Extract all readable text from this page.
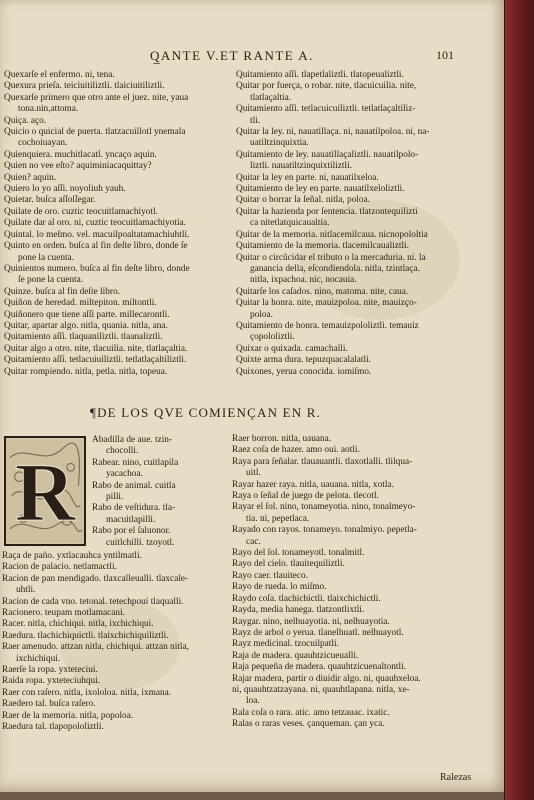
Q̲ANTE V.ET RANTE A.	101
Quexarſe el enfermo. ni, tena.
Quexura prieſa. teiciuitiliztli. tlaiciuitiliztli.
Quexarſe primero que otro ante el juez. nite, yaua
tona.nin,attoma.
Quiça. aço.
Quicio o quicial de puerta. tlatzacuillotl ynemala
cochoiuayan.
Quienquiera. muchitlacatl. yncaço aquin.
Quien no vee eſto? aquiminiacaquittay?
Quien? aquin.
Quiero lo yo aſſi. noyoliuh yauh.
Quietar. buſca aſſoſſegar.
Quilate de oro. cuztic teocuitlamachiyotl.
Quilate dar al oro. ni, cuztic teocuitlamachiyotia.
Quintal. lo meſmo. vel. macuilpoaltatamachiuhtli.
Quinto en orden. buſca al fin deſte libro, donde ſe
pone la cuenta.
Quinientos numero. buſca al fin deſte libro, donde
ſe pone la cuenta.
Quinze. buſca al fin deſte libro.
Quiñon de heredad. miltepiton. miltontli.
Quiñonero que tiene aſſi parte. millecarontli.
Quitar, apartar algo. nitla, quania. nitla, ana.
Quitamiento aſſi. tlaquaniliztli. tlaanaliztli.
Quitar algo a otro. nite, tlacuilia. nite, tlatlaçaltia.
Quitamiento aſſi. tetlacuiuiliztli. tetlatlaçaltiliztli.
Quitar rompiendo. nitla, petla. nitla, topeua.
Quitamiento aſſi. tlapetlaliztli. tlatopeualiztli.
Quitar por fuerça, o robar. nite, tlacuicuilia. nite,
tlatlaçaltia.
Quitamiento aſſi. tetlacuicuiliztli. tetlatlaçaltiliz-
tli.
Quitar la ley. ni, nauatillaça. ni, nauatilpoloa. ni, na-
uatiltzinquixtia.
Quitamiento de ley. nauatillaçaliztli. nauatilpolo-
liztli. nauatiltzinquixtiliztli.
Quitar la ley en parte. ni, nauatilxeloa.
Quitamiento de ley en parte. nauatilxeloliztli.
Quitar o borrar la ſeñal. nitla, poloa.
Quitar la hazienda por ſentencia. tlatzontequilizti
ca nitetlatquicaualtia.
Quitar de la memoria. nitlacemilcaua. nicnopololtia
Quitamiento de la memoria. tlacemilcaualiztli.
Quitar o circũcidar el tributo o la mercaduria. ni. la
ganancia della, eſcondiendola. nitla, tzintlaça.
nitla, ixpachoa. nic, nocauia.
Quitarſe los caſados. nino, matoma. nite, caua.
Quitar la honra. nite, mauizpoloa. nite, mauizço-
poloa.
Quitamiento de honra. temauizpololiztli. temauiz
çopololiztli.
Quixar o quixada. camachalli.
Quixte arma dura. tepuzquacalalatli.
Quixones, yerua conocida. iomiſmo.
¶DE LOS QVE COMIENÇAN EN R.
R
Abadilla de aue. tzin-
chocolli.
Rabear. nino, cuitlapila
yacachoa.
Rabo de animal. cuitla
pilli.
Rabo de veſtidura. tla-
macuitlapilli.
Rabo por el ſaluonor.
cuitlchilli. tzoyotl.
Raça de paño. yxtlacauhca yntilmatli.
Racion de palacio. netlamactli.
Racion de pan mendigado. tlaxcalleualli. tlaxcale-
uhtli.
Racion de cada vno. tetonal. tetechpoui tlaqualli.
Racionero. teupam motlamacani.
Racer. nitla, chichiqui. nitla, ixchichiqui.
Raedura. tlachichiquictli. tlaixchichiquiliztli.
Raer amenudo. attzan nitla, chichiqui. attzan nitla,
ixchichiqui.
Raerſe la ropa. yxteteciui.
Raida ropa. yxteteciuhqui.
Raer con raſero. nitla, ixololoa. nitla, ixmana.
Raedero tal. buſca raſero.
Raer de la memoria. nitla, popoloa.
Raedura tal. tlapopololiztli.
Raer borron. nitla, uauana.
Raez coſa de hazer. amo oui. aotli.
Raya para ſeñalar. tlauauantli. tlaxotlalli. tlilqua-
uitl.
Rayar hazer raya. nitla, uauana. nitla, xotla.
Raya o ſeñal de juego de pelota. tlecotl.
Rayar el ſol. nino, tonameyotia. nino, tonalmeyo-
tia. ni, pepetlaca.
Rayado con rayos. tonameyo. tonalmiyo. pepetla-
cac.
Rayo del ſol. tonameyotl. tonalmitl.
Rayo del cielo. tlauitequiliztli.
Rayo caer. tlauiteco.
Rayo de rueda. lo miſmo.
Raydo coſa. tlachichictli. tlaixchichictli.
Rayda, media hanega. tlatzontlixtli.
Raygar. nino, nelhuayotia. ni, nelhuayotia.
Rayz de arbol o yerua. tlanelhuatl. nelhuayotl.
Rayz medicinal. tzocuilpatli.
Raja de madera. quauhtzicueualli.
Raja pequeña de madera. quauhtzicuenaltontli.
Rajar madera, partir o diuidir algo. ni, quauhxeloa.
ni, quauhtzatzayana. ni, quauhtlapana. nitla, xe-
loa.
Rala coſa o rara. atic. amo tetzauac. ixatic.
Ralas o raras veses. çanqueman. çan yca.
Ralezas
